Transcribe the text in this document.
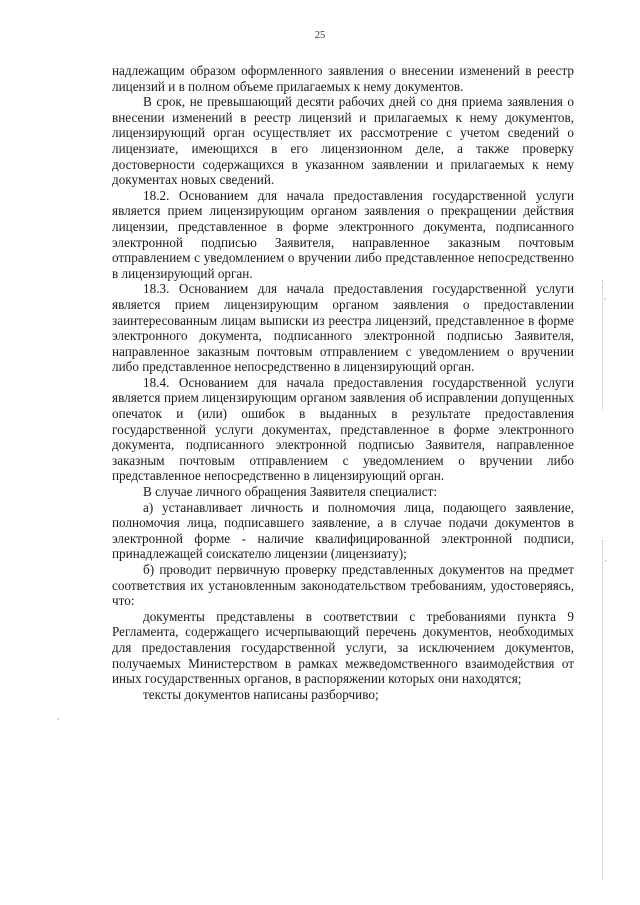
25

надлежащим образом оформленного заявления о внесении изменений в реестр лицензий и в полном объеме прилагаемых к нему документов.

В срок, не превышающий десяти рабочих дней со дня приема заявления о внесении изменений в реестр лицензий и прилагаемых к нему документов, лицензирующий орган осуществляет их рассмотрение с учетом сведений о лицензиате, имеющихся в его лицензионном деле, а также проверку достоверности содержащихся в указанном заявлении и прилагаемых к нему документах новых сведений.

18.2. Основанием для начала предоставления государственной услуги является прием лицензирующим органом заявления о прекращении действия лицензии, представленное в форме электронного документа, подписанного электронной подписью Заявителя, направленное заказным почтовым отправлением с уведомлением о вручении либо представленное непосредственно в лицензирующий орган.

18.3. Основанием для начала предоставления государственной услуги является прием лицензирующим органом заявления о предоставлении заинтересованным лицам выписки из реестра лицензий, представленное в форме электронного документа, подписанного электронной подписью Заявителя, направленное заказным почтовым отправлением с уведомлением о вручении либо представленное непосредственно в лицензирующий орган.

18.4. Основанием для начала предоставления государственной услуги является прием лицензирующим органом заявления об исправлении допущенных опечаток и (или) ошибок в выданных в результате предоставления государственной услуги документах, представленное в форме электронного документа, подписанного электронной подписью Заявителя, направленное заказным почтовым отправлением с уведомлением о вручении либо представленное непосредственно в лицензирующий орган.

В случае личного обращения Заявителя специалист:

а) устанавливает личность и полномочия лица, подающего заявление, полномочия лица, подписавшего заявление, а в случае подачи документов в электронной форме - наличие квалифицированной электронной подписи, принадлежащей соискателю лицензии (лицензиату);

б) проводит первичную проверку представленных документов на предмет соответствия их установленным законодательством требованиям, удостоверяясь, что:

документы представлены в соответствии с требованиями пункта 9 Регламента, содержащего исчерпывающий перечень документов, необходимых для предоставления государственной услуги, за исключением документов, получаемых Министерством в рамках межведомственного взаимодействия от иных государственных органов, в распоряжении которых они находятся;

тексты документов написаны разборчиво;
